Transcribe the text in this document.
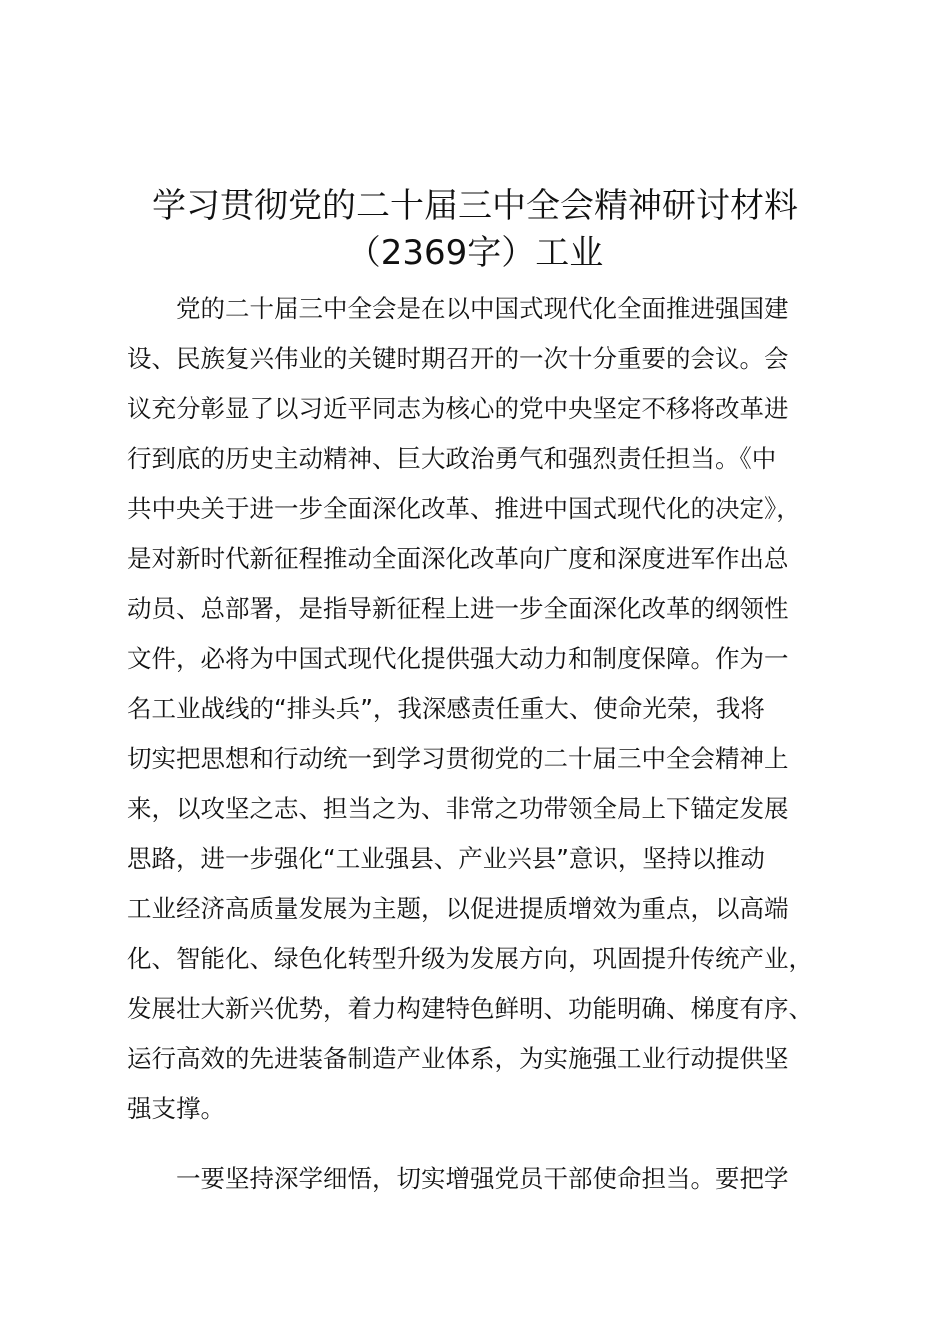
学习贯彻党的二十届三中全会精神研讨材料
（2369字）工业
　　党的二十届三中全会是在以中国式现代化全面推进强国建
设、民族复兴伟业的关键时期召开的一次十分重要的会议。会
议充分彰显了以习近平同志为核心的党中央坚定不移将改革进
行到底的历史主动精神、巨大政治勇气和强烈责任担当。《中
共中央关于进一步全面深化改革、推进中国式现代化的决定》，
是对新时代新征程推动全面深化改革向广度和深度进军作出总
动员、总部署，是指导新征程上进一步全面深化改革的纲领性
文件，必将为中国式现代化提供强大动力和制度保障。作为一
名工业战线的“排头兵”，我深感责任重大、使命光荣，我将
切实把思想和行动统一到学习贯彻党的二十届三中全会精神上
来，以攻坚之志、担当之为、非常之功带领全局上下锚定发展
思路，进一步强化“工业强县、产业兴县”意识，坚持以推动
工业经济高质量发展为主题，以促进提质增效为重点，以高端
化、智能化、绿色化转型升级为发展方向，巩固提升传统产业，
发展壮大新兴优势，着力构建特色鲜明、功能明确、梯度有序、
运行高效的先进装备制造产业体系，为实施强工业行动提供坚
强支撑。
　　一要坚持深学细悟，切实增强党员干部使命担当。要把学
